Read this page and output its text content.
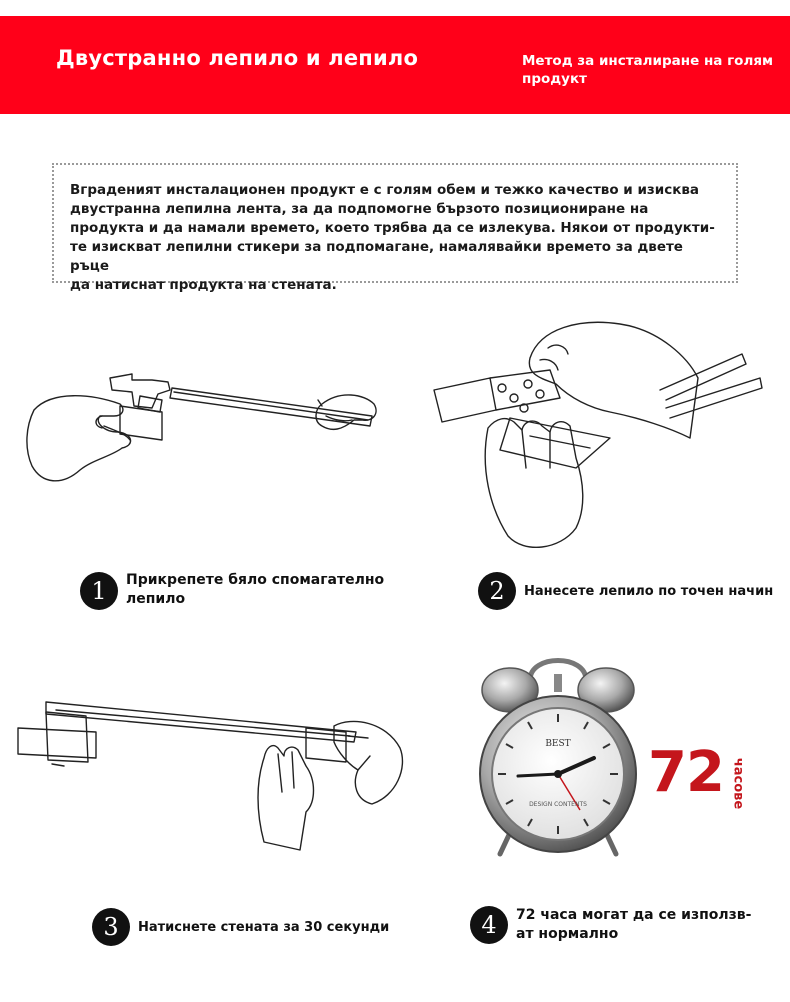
Двустранно лепило и лепило	Метод за инсталиране на голям продукт
Вграденият инсталационен продукт е с голям обем и тежко качество и изисква
двустранна лепилна лента, за да подпомогне бързото позициониране на
продукта и да намали времето, което трябва да се излекува. Някои от продукти-
те изискват лепилни стикери за подпомагане, намалявайки времето за двете ръце
да натиснат продукта на стената.
1	Прикрепете бяло спомагателно
лепило	2	Нанесете лепило по точен начин
BEST
DESIGN CONTENTS 72 часове
3	Натиснете стената за 30 секунди	4	72 часа могат да се използв-
ат нормално
